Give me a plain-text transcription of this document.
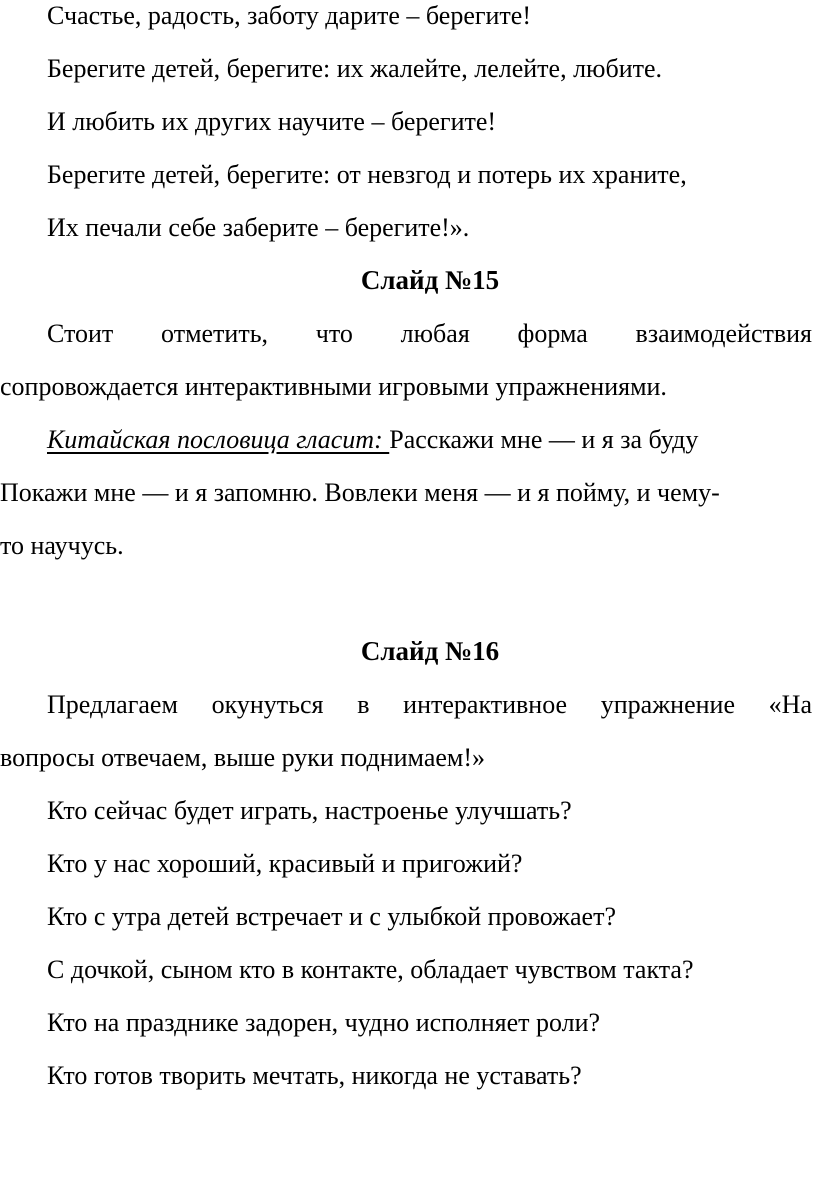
Счастье, радость, заботу дарите – берегите!

Берегите детей, берегите: их жалейте, лелейте, любите.

И любить их других научите – берегите!

Берегите детей, берегите: от невзгод и потерь их храните,

Их печали себе заберите – берегите!».

Слайд №15
Стоит отметить, что любая форма взаимодействия
сопровождается интерактивными игровыми упражнениями.
Китайская пословица гласит: Расскажи мне — и я за буду
Покажи мне — и я запомню. Вовлеки меня — и я пойму, и чему-
то научусь.
Слайд №16
Предлагаем окунуться в интерактивное упражнение «На
вопросы отвечаем, выше руки поднимаем!»

Кто сейчас будет играть, настроенье улучшать?

Кто у нас хороший, красивый и пригожий?

Кто с утра детей встречает и с улыбкой провожает?

С дочкой, сыном кто в контакте, обладает чувством такта?

Кто на празднике задорен, чудно исполняет роли?

Кто готов творить мечтать, никогда не уставать?
